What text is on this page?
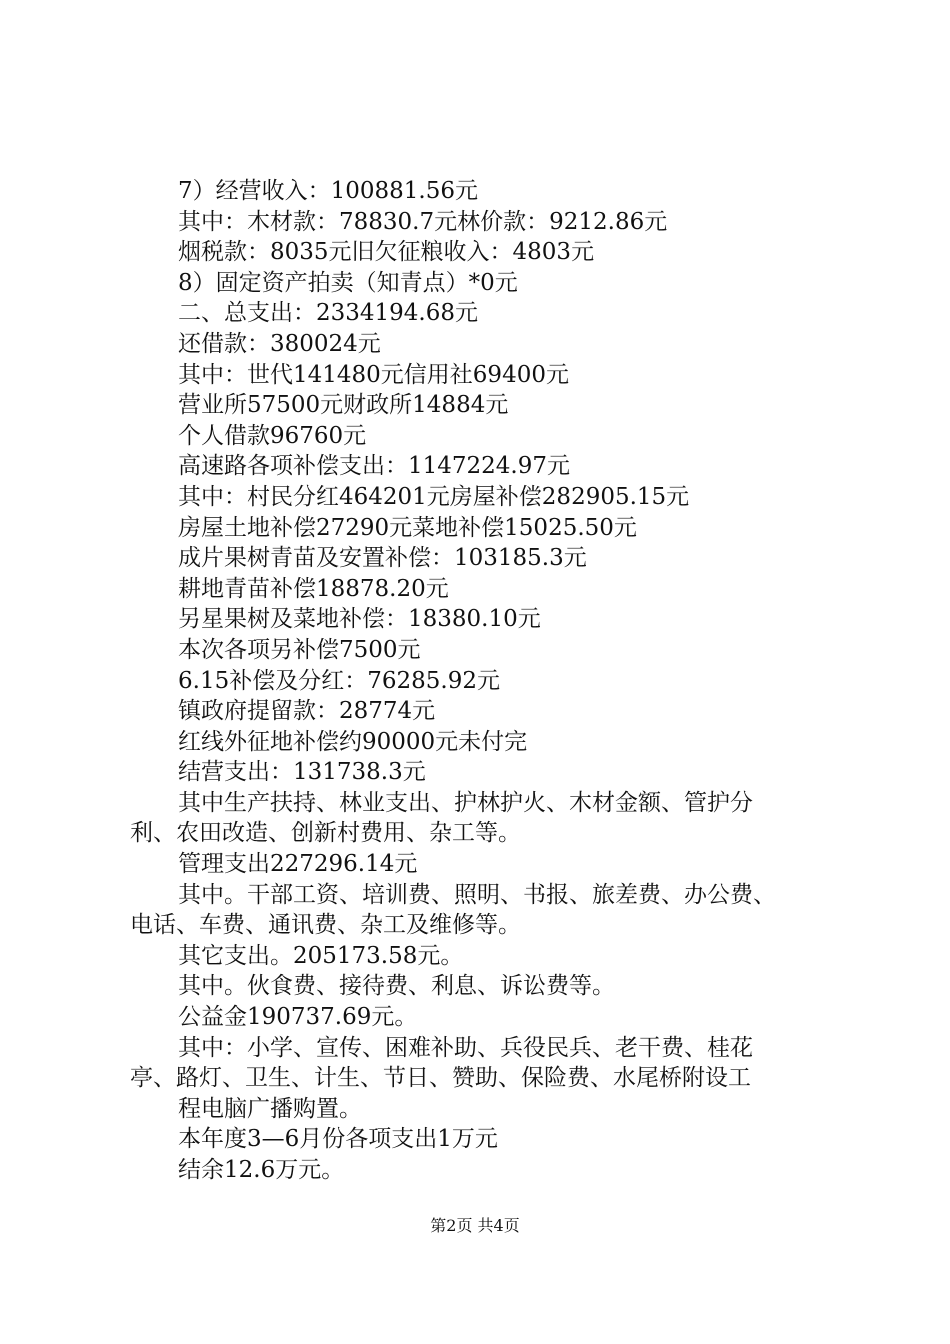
7）经营收入：100881.56元
其中：木材款：78830.7元林价款：9212.86元
烟税款：8035元旧欠征粮收入：4803元
8）固定资产拍卖（知青点）*0元
二、总支出：2334194.68元
还借款：380024元
其中：世代141480元信用社69400元
营业所57500元财政所14884元
个人借款96760元
高速路各项补偿支出：1147224.97元
其中：村民分红464201元房屋补偿282905.15元
房屋土地补偿27290元菜地补偿15025.50元
成片果树青苗及安置补偿：103185.3元
耕地青苗补偿18878.20元
另星果树及菜地补偿：18380.10元
本次各项另补偿7500元
6.15补偿及分红：76285.92元
镇政府提留款：28774元
红线外征地补偿约90000元未付完
结营支出：131738.3元
其中生产扶持、林业支出、护林护火、木材金额、管护分
利、农田改造、创新村费用、杂工等。
管理支出227296.14元
其中。干部工资、培训费、照明、书报、旅差费、办公费、
电话、车费、通讯费、杂工及维修等。
其它支出。205173.58元。
其中。伙食费、接待费、利息、诉讼费等。
公益金190737.69元。
其中：小学、宣传、困难补助、兵役民兵、老干费、桂花
亭、路灯、卫生、计生、节日、赞助、保险费、水尾桥附设工
程电脑广播购置。
本年度3—6月份各项支出1万元
结余12.6万元。
第2页 共4页
